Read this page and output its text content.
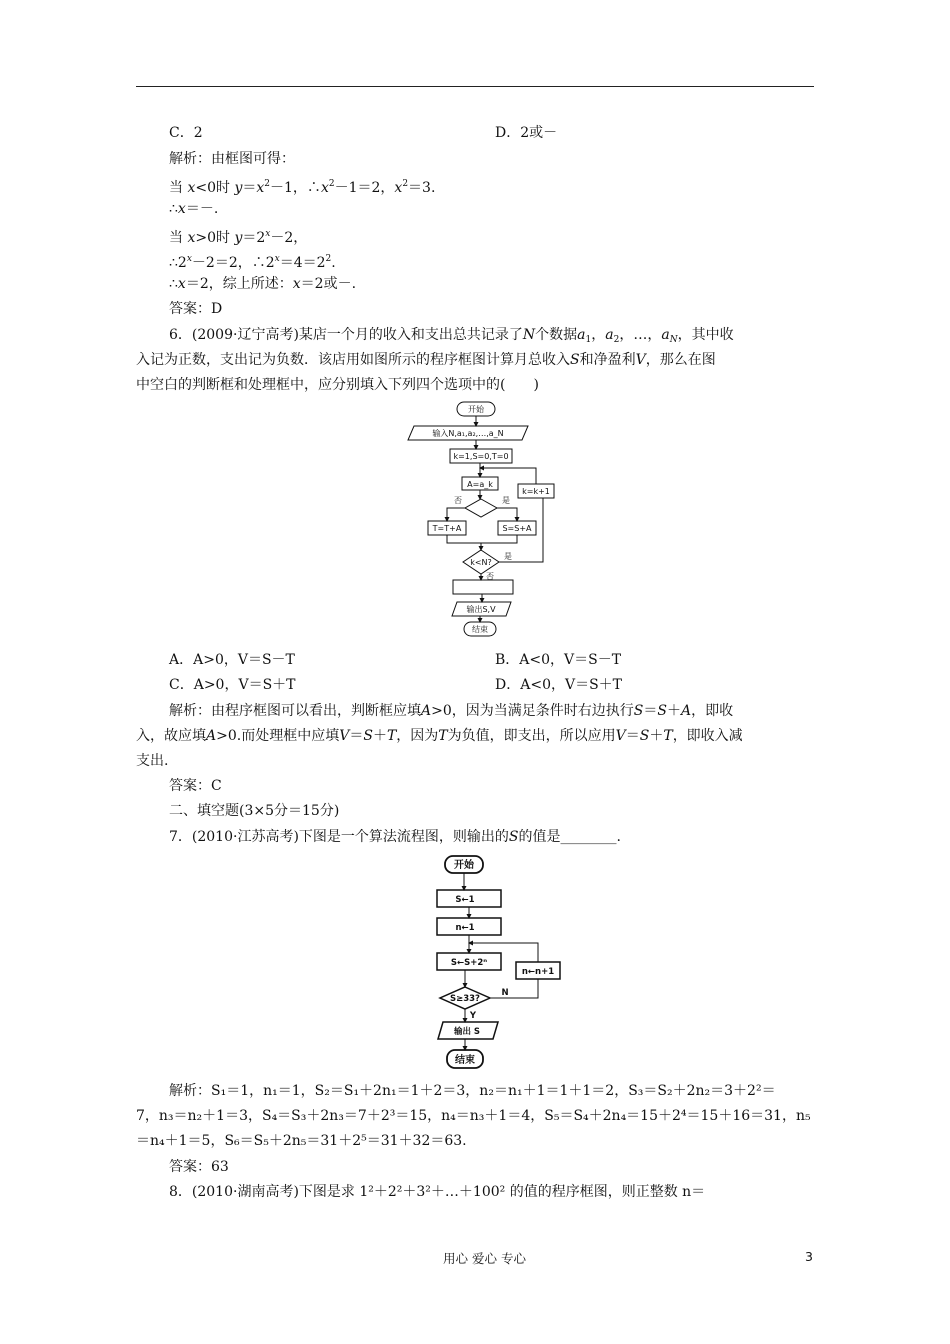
C．2	D．2或－
解析：由框图可得：
当 x<0时 $y=x^2-1$，$\therefore x^2-1=2$，$x^2=3$.
∴x＝－.
当 x>0时 $y=2^x-2$，
$\therefore 2^x-2=2$，$\therefore 2^x=4=2^2$.
∴x＝2，综上所述：x＝2或－.
答案：D
6．(2009·辽宁高考)某店一个月的收入和支出总共记录了N个数据$a_1$，$a_2$，…，$a_N$，其中收
入记为正数，支出记为负数．该店用如图所示的程序框图计算月总收入S和净盈利V，那么在图
中空白的判断框和处理框中，应分别填入下列四个选项中的(　　)
开始
输入N,a₁,a₂,…,a_N
k=1,S=0,T=0
A=a_k
否	是
T=T+A	S=S+A
k=k+1
k<N?
是
否
输出S,V
结束
A．A>0，V＝S－T	B．A<0，V＝S－T
C．A>0，V＝S＋T	D．A<0，V＝S＋T
解析：由程序框图可以看出，判断框应填A>0，因为当满足条件时右边执行S＝S＋A，即收
入，故应填A>0.而处理框中应填V＝S＋T，因为T为负值，即支出，所以应用V＝S＋T，即收入减
支出.
答案：C
二、填空题(3×5分＝15分)
7．(2010·江苏高考)下图是一个算法流程图，则输出的S的值是________.
开始
S←1
n←1
S←S+2ⁿ
n←n+1
S≥33?
N
Y
输出 S
结束
解析：S₁＝1，n₁＝1，S₂＝S₁＋2n₁＝1＋2＝3，n₂＝n₁＋1＝1＋1＝2，S₃＝S₂＋2n₂＝3＋2²＝
7，n₃＝n₂＋1＝3，S₄＝S₃＋2n₃＝7＋2³＝15，n₄＝n₃＋1＝4，S₅＝S₄＋2n₄＝15＋2⁴＝15＋16＝31，n₅
＝n₄＋1＝5，S₆＝S₅＋2n₅＝31＋2⁵＝31＋32＝63.
答案：63
8．(2010·湖南高考)下图是求 1²＋2²＋3²＋…＋100² 的值的程序框图，则正整数 n＝
用心 爱心 专心	3
